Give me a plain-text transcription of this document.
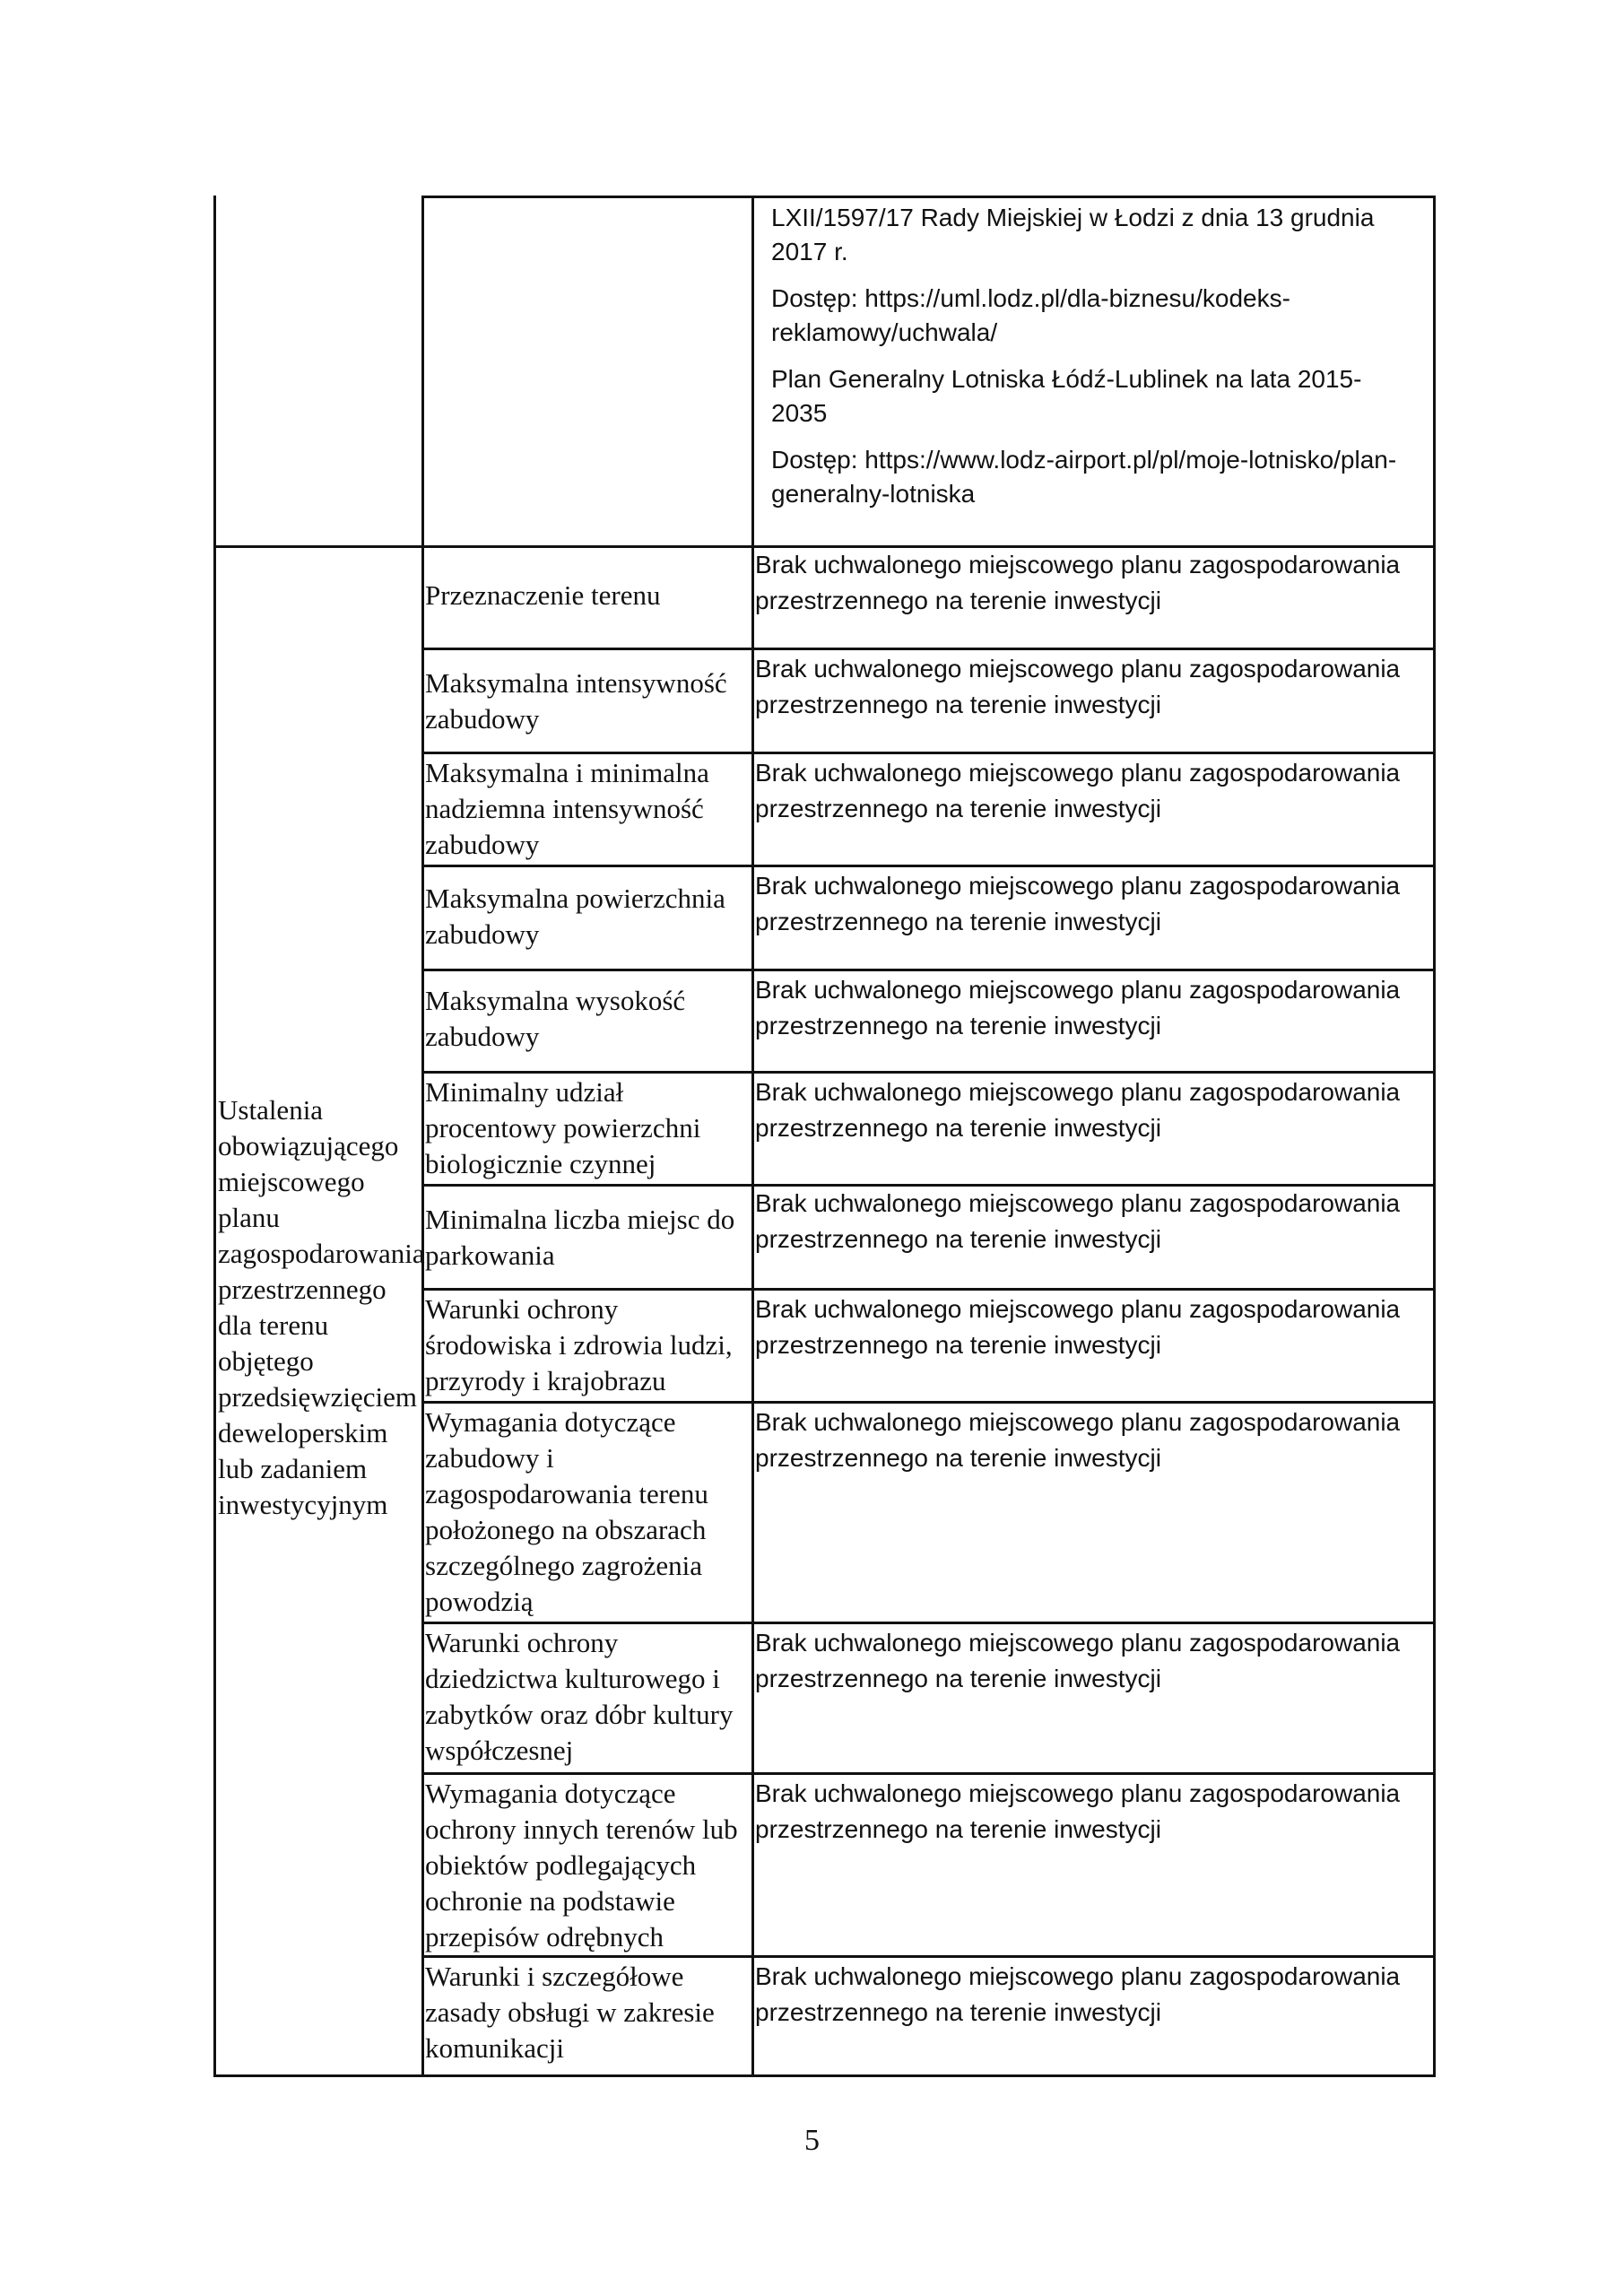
LXII/1597/17 Rady Miejskiej w Łodzi z dnia 13 grudnia 2017 r.
Dostęp: https://uml.lodz.pl/dla-biznesu/kodeks-reklamowy/uchwala/
Plan Generalny Lotniska Łódź-Lublinek na lata 2015-2035
Dostęp: https://www.lodz-airport.pl/pl/moje-lotnisko/plan-generalny-lotniska
Ustalenia obowiązującego miejscowego planu zagospodarowania przestrzennego dla terenu objętego przedsięwzięciem deweloperskim lub zadaniem inwestycyjnym
Przeznaczenie terenu
Brak uchwalonego miejscowego planu zagospodarowania przestrzennego na terenie inwestycji
Maksymalna intensywność zabudowy
Brak uchwalonego miejscowego planu zagospodarowania przestrzennego na terenie inwestycji
Maksymalna i minimalna nadziemna intensywność zabudowy
Brak uchwalonego miejscowego planu zagospodarowania przestrzennego na terenie inwestycji
Maksymalna powierzchnia zabudowy
Brak uchwalonego miejscowego planu zagospodarowania przestrzennego na terenie inwestycji
Maksymalna wysokość zabudowy
Brak uchwalonego miejscowego planu zagospodarowania przestrzennego na terenie inwestycji
Minimalny udział procentowy powierzchni biologicznie czynnej
Brak uchwalonego miejscowego planu zagospodarowania przestrzennego na terenie inwestycji
Minimalna liczba miejsc do parkowania
Brak uchwalonego miejscowego planu zagospodarowania przestrzennego na terenie inwestycji
Warunki ochrony środowiska i zdrowia ludzi, przyrody i krajobrazu
Brak uchwalonego miejscowego planu zagospodarowania przestrzennego na terenie inwestycji
Wymagania dotyczące zabudowy i zagospodarowania terenu położonego na obszarach szczególnego zagrożenia powodzią
Brak uchwalonego miejscowego planu zagospodarowania przestrzennego na terenie inwestycji
Warunki ochrony dziedzictwa kulturowego i zabytków oraz dóbr kultury współczesnej
Brak uchwalonego miejscowego planu zagospodarowania przestrzennego na terenie inwestycji
Wymagania dotyczące ochrony innych terenów lub obiektów podlegających ochronie na podstawie przepisów odrębnych
Brak uchwalonego miejscowego planu zagospodarowania przestrzennego na terenie inwestycji
Warunki i szczegółowe zasady obsługi w zakresie komunikacji
Brak uchwalonego miejscowego planu zagospodarowania przestrzennego na terenie inwestycji
5
